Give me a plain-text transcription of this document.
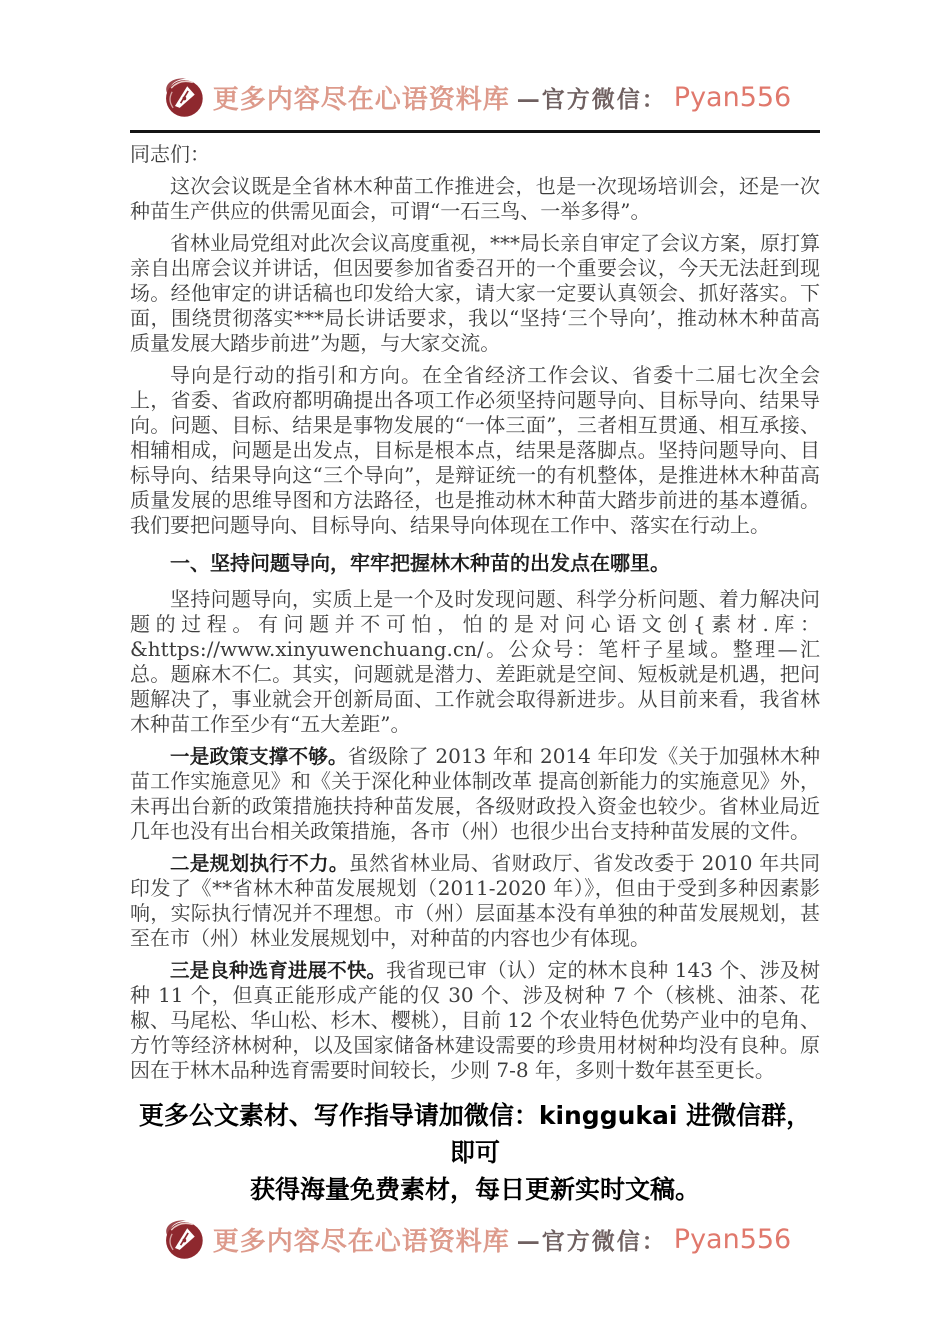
更多内容尽在心语资料库 —官方微信： Pyan556
同志们：

这次会议既是全省林木种苗工作推进会，也是一次现场培训会，还是一次种苗生产供应的供需见面会，可谓“一石三鸟、一举多得”。

省林业局党组对此次会议高度重视，***局长亲自审定了会议方案，原打算亲自出席会议并讲话，但因要参加省委召开的一个重要会议，今天无法赶到现场。经他审定的讲话稿也印发给大家，请大家一定要认真领会、抓好落实。下面，围绕贯彻落实***局长讲话要求，我以“坚持‘三个导向’，推动林木种苗高质量发展大踏步前进”为题，与大家交流。

导向是行动的指引和方向。在全省经济工作会议、省委十二届七次全会上，省委、省政府都明确提出各项工作必须坚持问题导向、目标导向、结果导向。问题、目标、结果是事物发展的“一体三面”，三者相互贯通、相互承接、相辅相成，问题是出发点，目标是根本点，结果是落脚点。坚持问题导向、目标导向、结果导向这“三个导向”，是辩证统一的有机整体，是推进林木种苗高质量发展的思维导图和方法路径，也是推动林木种苗大踏步前进的基本遵循。我们要把问题导向、目标导向、结果导向体现在工作中、落实在行动上。

一、坚持问题导向，牢牢把握林木种苗的出发点在哪里。

坚持问题导向，实质上是一个及时发现问题、科学分析问题、着力解决问题的过程。有问题并不可怕，怕的是对问心语文创{素材.库：&https://www.xinyuwenchuang.cn/。公众号：笔杆子星域。整理—汇总。题麻木不仁。其实，问题就是潜力、差距就是空间、短板就是机遇，把问题解决了，事业就会开创新局面、工作就会取得新进步。从目前来看，我省林木种苗工作至少有“五大差距”。

一是政策支撑不够。省级除了 2013 年和 2014 年印发《关于加强林木种苗工作实施意见》和《关于深化种业体制改革 提高创新能力的实施意见》外，未再出台新的政策措施扶持种苗发展，各级财政投入资金也较少。省林业局近几年也没有出台相关政策措施，各市（州）也很少出台支持种苗发展的文件。

二是规划执行不力。虽然省林业局、省财政厅、省发改委于 2010 年共同印发了《**省林木种苗发展规划（2011-2020 年）》，但由于受到多种因素影响，实际执行情况并不理想。市（州）层面基本没有单独的种苗发展规划，甚至在市（州）林业发展规划中，对种苗的内容也少有体现。

三是良种选育进展不快。我省现已审（认）定的林木良种 143 个、涉及树种 11 个，但真正能形成产能的仅 30 个、涉及树种 7 个（核桃、油茶、花椒、马尾松、华山松、杉木、樱桃），目前 12 个农业特色优势产业中的皂角、方竹等经济林树种，以及国家储备林建设需要的珍贵用材树种均没有良种。原因在于林木品种选育需要时间较长，少则 7-8 年，多则十数年甚至更长。

更多公文素材、写作指导请加微信：kinggukai 进微信群，即可
获得海量免费素材，每日更新实时文稿。
更多内容尽在心语资料库 —官方微信： Pyan556
